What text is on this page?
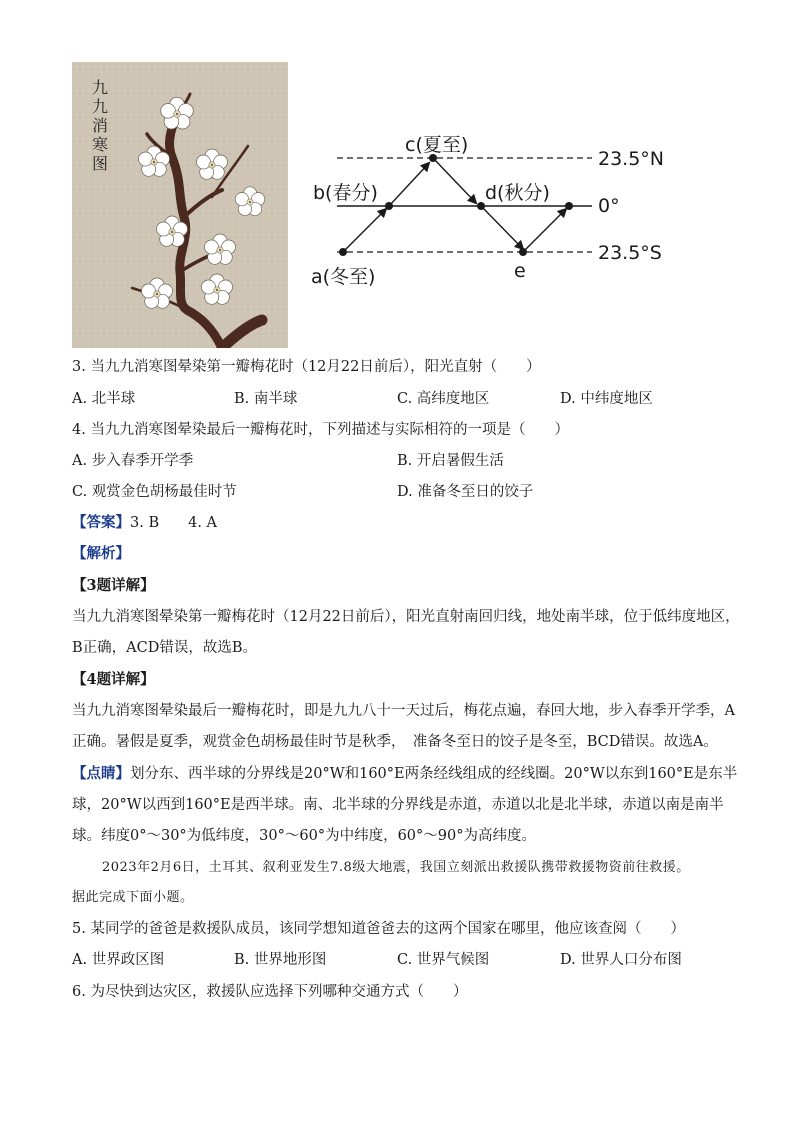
九九消寒图
c(夏至)
b(春分)	d(秋分)
a(冬至)	e
23.5°N
0°
23.5°S
3. 当九九消寒图晕染第一瓣梅花时（12月22日前后），阳光直射（　　）
A. 北半球	B. 南半球	C. 高纬度地区	D. 中纬度地区
4. 当九九消寒图晕染最后一瓣梅花时，下列描述与实际相符的一项是（　　）
A. 步入春季开学季	B. 开启暑假生活
C. 观赏金色胡杨最佳时节	D. 准备冬至日的饺子
【答案】3. B　　4. A
【解析】
【3题详解】
当九九消寒图晕染第一瓣梅花时（12月22日前后），阳光直射南回归线，地处南半球，位于低纬度地区，
B正确，ACD错误，故选B。
【4题详解】
当九九消寒图晕染最后一瓣梅花时，即是九九八十一天过后，梅花点遍，春回大地，步入春季开学季，A
正确。暑假是夏季，观赏金色胡杨最佳时节是秋季，　准备冬至日的饺子是冬至，BCD错误。故选A。
【点睛】划分东、西半球的分界线是20°W和160°E两条经线组成的经线圈。20°W以东到160°E是东半
球，20°W以西到160°E是西半球。南、北半球的分界线是赤道，赤道以北是北半球，赤道以南是南半
球。纬度0°～30°为低纬度，30°～60°为中纬度，60°～90°为高纬度。
2023年2月6日，土耳其、叙利亚发生7.8级大地震，我国立刻派出救援队携带救援物资前往救援。
据此完成下面小题。
5. 某同学的爸爸是救援队成员，该同学想知道爸爸去的这两个国家在哪里，他应该查阅（　　）
A. 世界政区图	B. 世界地形图	C. 世界气候图	D. 世界人口分布图
6. 为尽快到达灾区，救援队应选择下列哪种交通方式（　　）
